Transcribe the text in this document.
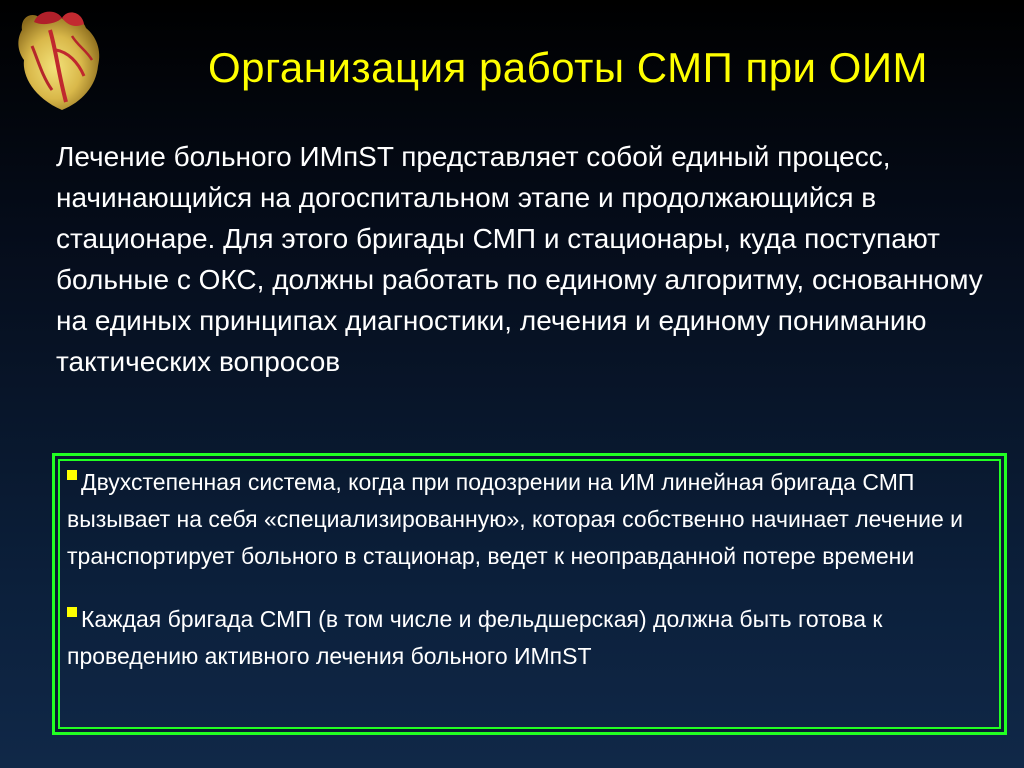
Организация работы СМП при ОИМ
Лечение больного ИМпST представляет собой единый процесс, начинающийся на догоспитальном этапе и продолжающийся в стационаре. Для этого бригады СМП и стационары, куда поступают больные с ОКС, должны работать по единому алгоритму, основанному на единых принципах диагностики, лечения и единому пониманию тактических вопросов

Двухстепенная система, когда при подозрении на ИМ линейная бригада СМП вызывает на себя «специализированную», которая собственно начинает лечение и транспортирует больного в стационар, ведет к неоправданной потере времени

Каждая бригада СМП (в том числе и фельдшерская) должна быть готова к проведению активного лечения больного ИМпST
